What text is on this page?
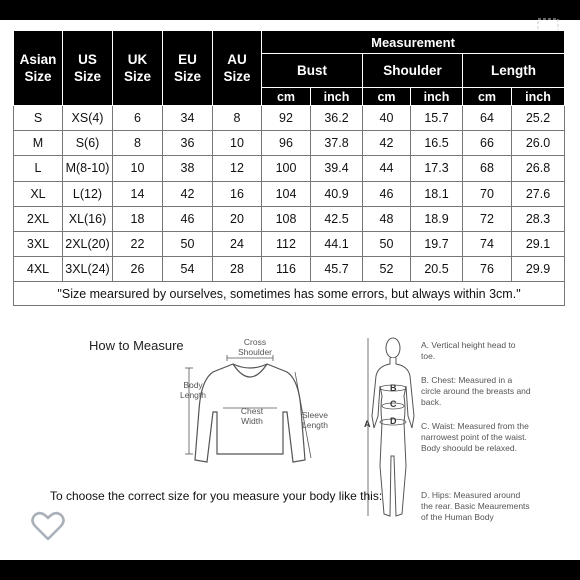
Asian Size	US Size	UK Size	EU Size	AU Size	Measurement					
					Bust		Shoulder		Length	
					cm	inch	cm	inch	cm	inch
S	XS(4)	6	34	8	92	36.2	40	15.7	64	25.2
M	S(6)	8	36	10	96	37.8	42	16.5	66	26.0
L	M(8-10)	10	38	12	100	39.4	44	17.3	68	26.8
XL	L(12)	14	42	16	104	40.9	46	18.1	70	27.6
2XL	XL(16)	18	46	20	108	42.5	48	18.9	72	28.3
3XL	2XL(20)	22	50	24	112	44.1	50	19.7	74	29.1
4XL	3XL(24)	26	54	28	116	45.7	52	20.5	76	29.9
"Size mearsured by ourselves, sometimes has some errors, but always within 3cm."										
How to Measure	Cross Shoulder
Body Length
Chest Width
Sleeve Length	A
B
C
D
A. Vertical height head to toe.
B. Chest: Measured in a circle around the breasts and back.
C. Waist: Measured from the narrowest point of the waist. Body shoould be relaxed.
D. Hips: Measured around the rear. Basic Meaurements of the Human Body
To choose the correct size for you measure your body like this:
